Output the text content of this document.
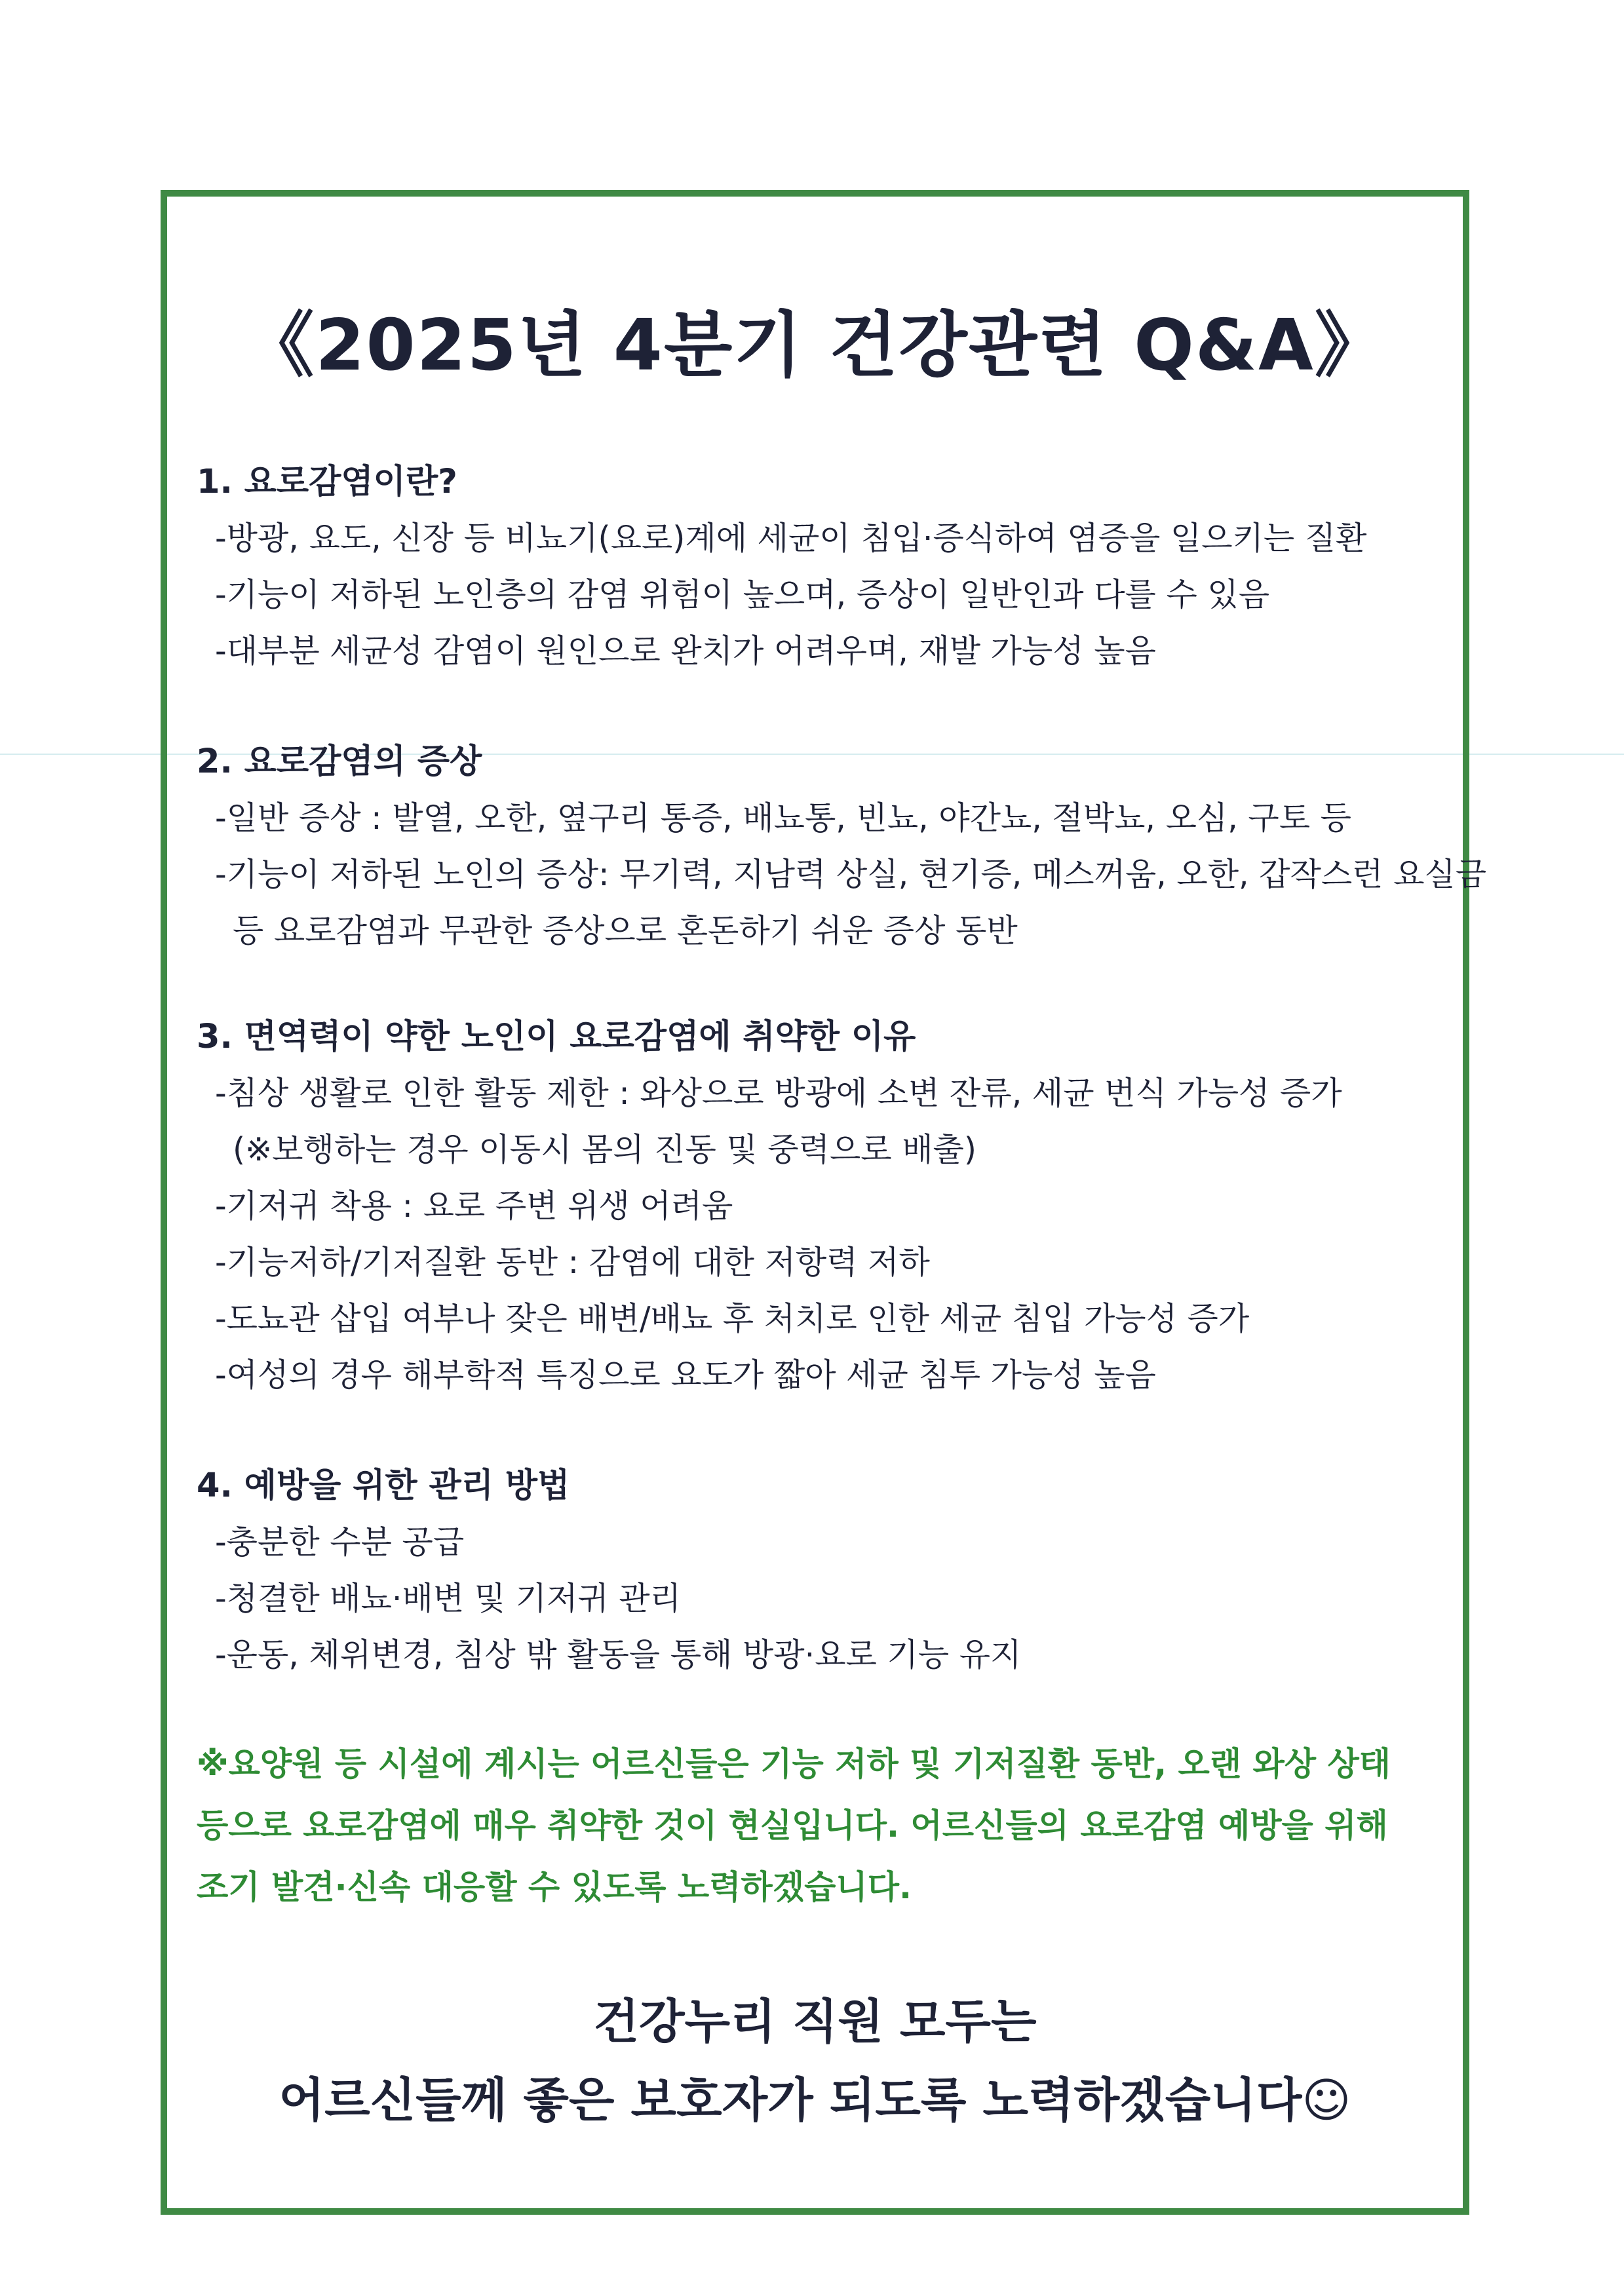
《2025년 4분기 건강관련 Q&A》
1. 요로감염이란?
-방광, 요도, 신장 등 비뇨기(요로)계에 세균이 침입·증식하여 염증을 일으키는 질환
-기능이 저하된 노인층의 감염 위험이 높으며, 증상이 일반인과 다를 수 있음
-대부분 세균성 감염이 원인으로 완치가 어려우며, 재발 가능성 높음
2. 요로감염의 증상
-일반 증상 : 발열, 오한, 옆구리 통증, 배뇨통, 빈뇨, 야간뇨, 절박뇨, 오심, 구토 등
-기능이 저하된 노인의 증상: 무기력, 지남력 상실, 현기증, 메스꺼움, 오한, 갑작스런 요실금
등 요로감염과 무관한 증상으로 혼돈하기 쉬운 증상 동반
3. 면역력이 약한 노인이 요로감염에 취약한 이유
-침상 생활로 인한 활동 제한 : 와상으로 방광에 소변 잔류, 세균 번식 가능성 증가
(※보행하는 경우 이동시 몸의 진동 및 중력으로 배출)
-기저귀 착용 : 요로 주변 위생 어려움
-기능저하/기저질환 동반 : 감염에 대한 저항력 저하
-도뇨관 삽입 여부나 잦은 배변/배뇨 후 처치로 인한 세균 침입 가능성 증가
-여성의 경우 해부학적 특징으로 요도가 짧아 세균 침투 가능성 높음
4. 예방을 위한 관리 방법
-충분한 수분 공급
-청결한 배뇨·배변 및 기저귀 관리
-운동, 체위변경, 침상 밖 활동을 통해 방광·요로 기능 유지
※요양원 등 시설에 계시는 어르신들은 기능 저하 및 기저질환 동반, 오랜 와상 상태
등으로 요로감염에 매우 취약한 것이 현실입니다. 어르신들의 요로감염 예방을 위해
조기 발견·신속 대응할 수 있도록 노력하겠습니다.
건강누리 직원 모두는
어르신들께 좋은 보호자가 되도록 노력하겠습니다☺
